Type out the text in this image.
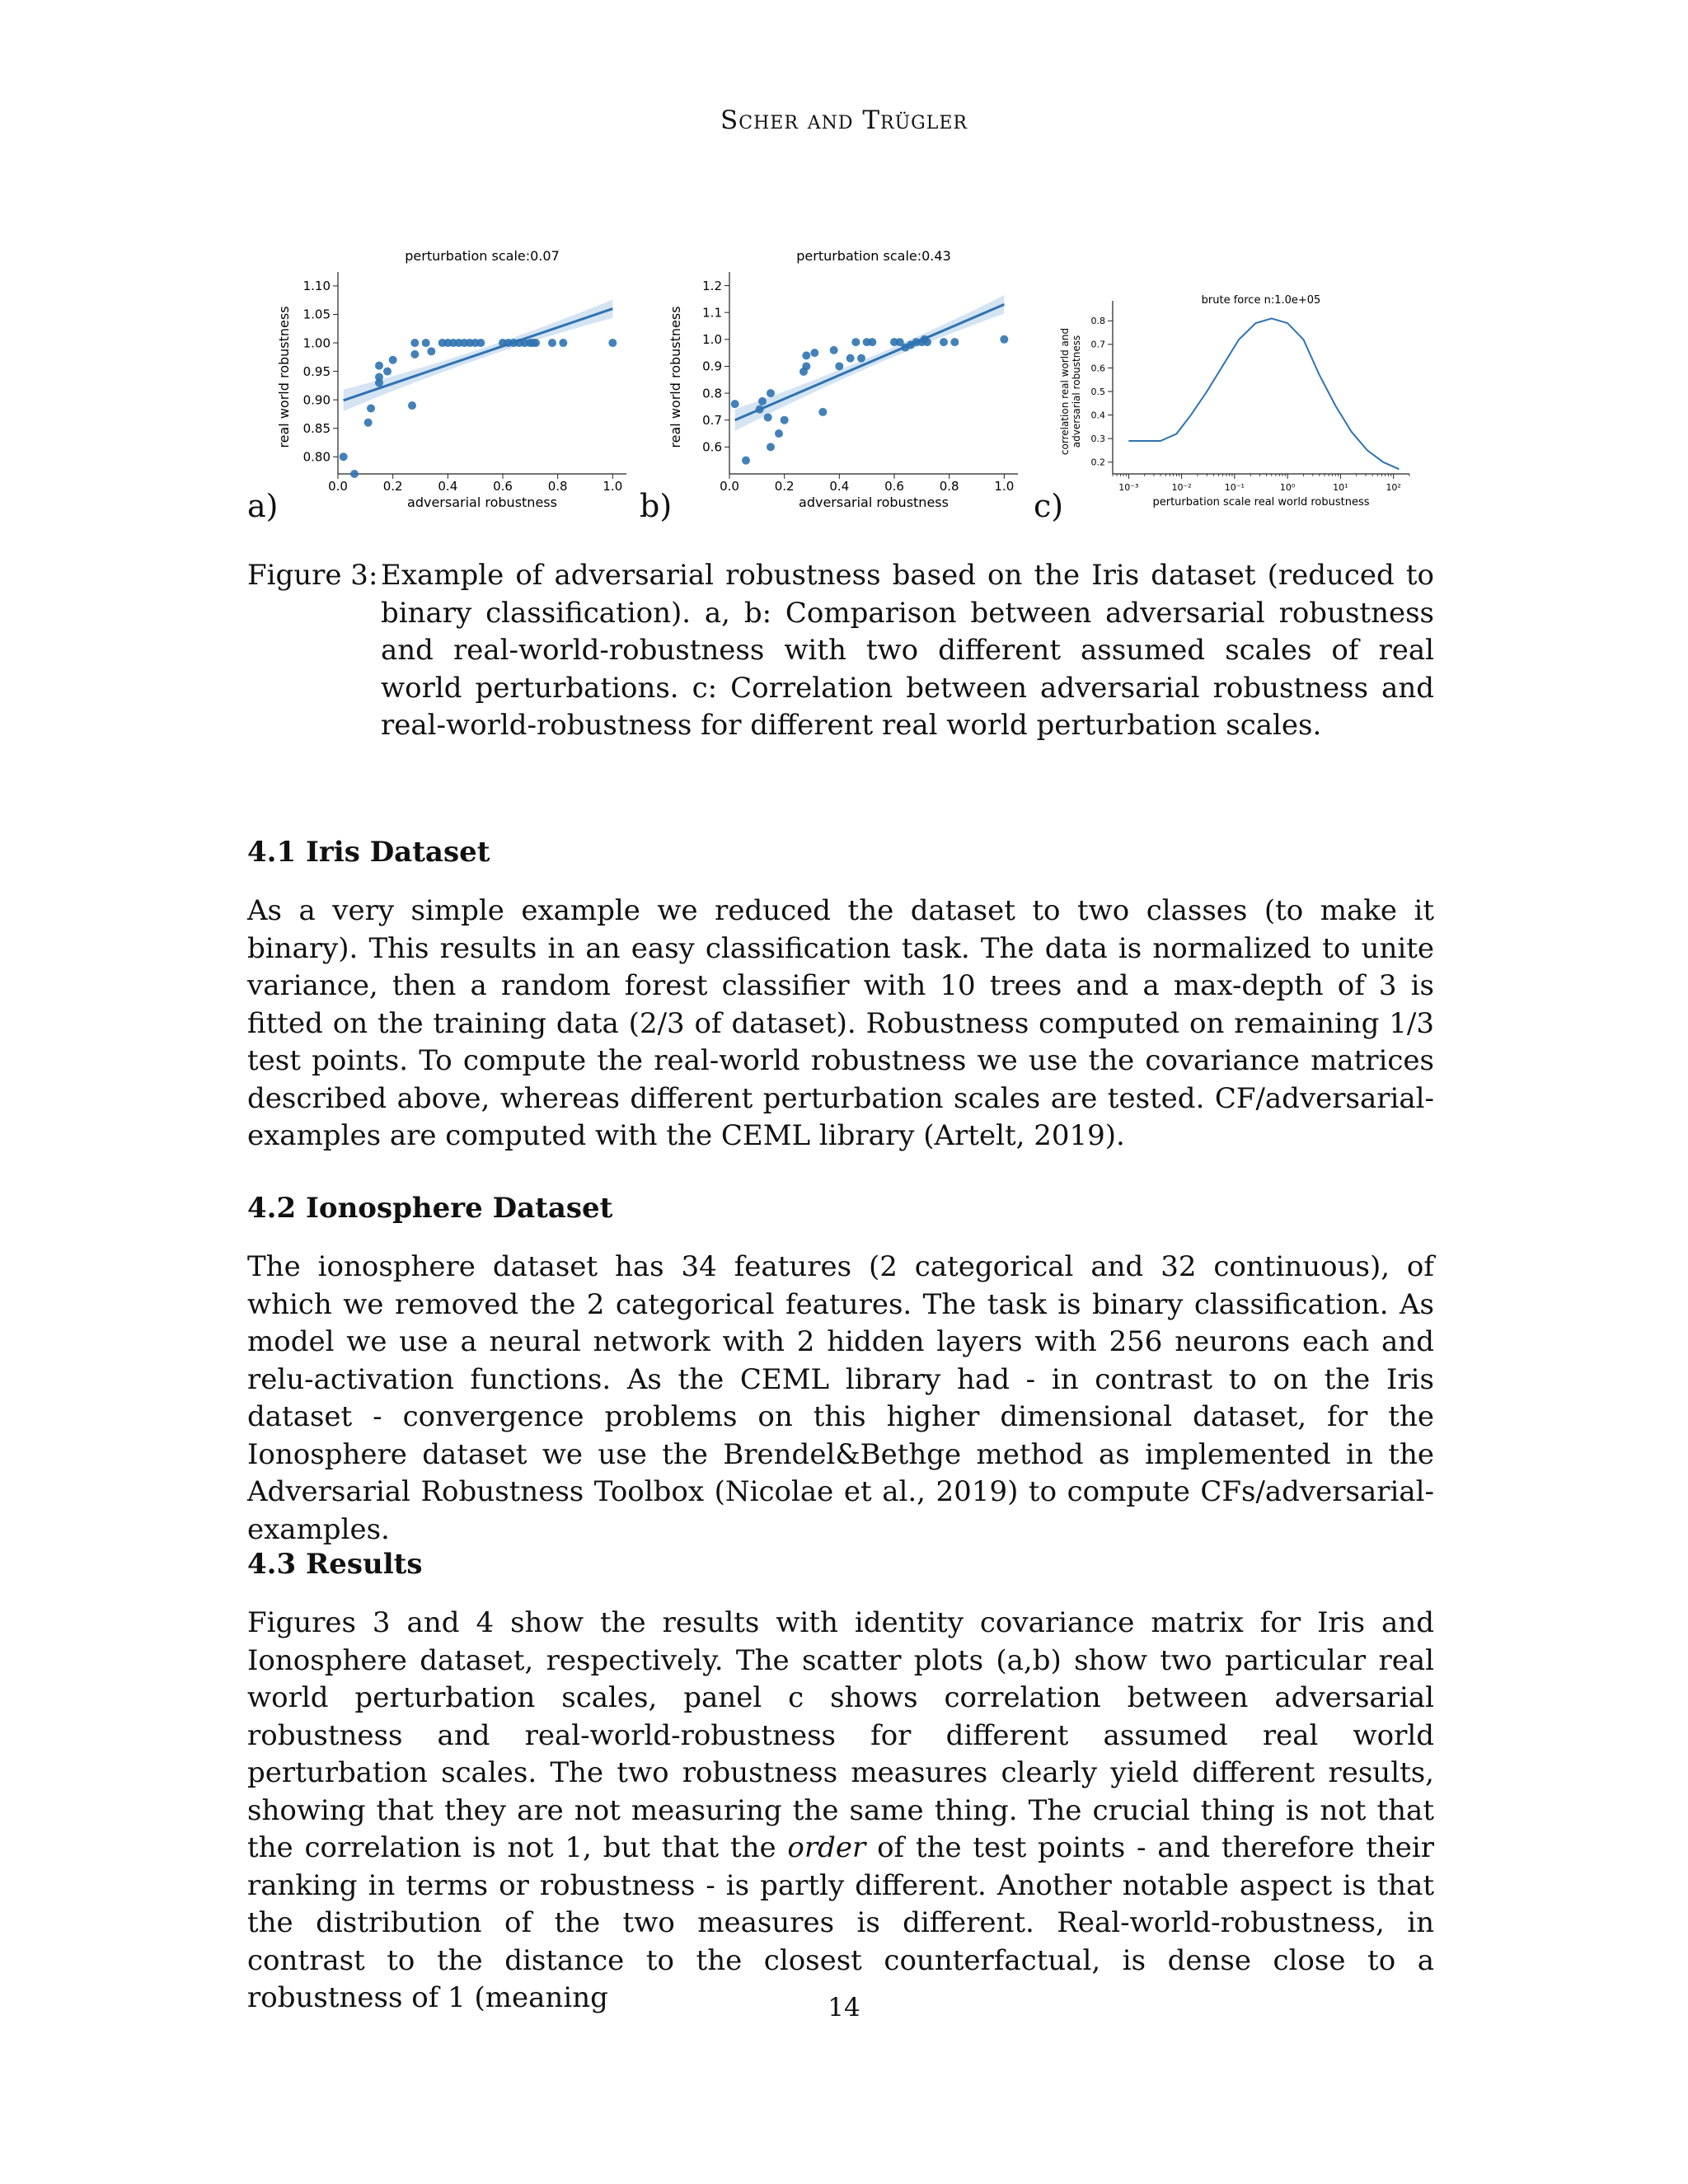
Scher and Trügler
perturbation scale:0.07
0.80
0.85
0.90
0.95
1.00
1.05
1.10
0.0	0.2	0.4	0.6	0.8	1.0
adversarial robustness
real world robustness
a)
perturbation scale:0.43
0.6
0.7
0.8
0.9
1.0
1.1
1.2
0.0	0.2	0.4	0.6	0.8	1.0
adversarial robustness
real world robustness
b)
brute force n:1.0e+05
0.2
0.3
0.4
0.5
0.6
0.7
0.8
10⁻³	10⁻²	10⁻¹	10⁰	10¹	10²
perturbation scale real world robustness
correlation real world and adversarial robustness
c)
Figure 3: Example of adversarial robustness based on the Iris dataset (reduced to binary classification). a, b: Comparison between adversarial robustness and real-world-robustness with two different assumed scales of real world perturbations. c: Correlation between adversarial robustness and real-world-robustness for different real world perturbation scales.
4.1 Iris Dataset
As a very simple example we reduced the dataset to two classes (to make it binary). This results in an easy classification task. The data is normalized to unite variance, then a random forest classifier with 10 trees and a max-depth of 3 is fitted on the training data (2/3 of dataset). Robustness computed on remaining 1/3 test points. To compute the real-world robustness we use the covariance matrices described above, whereas different perturbation scales are tested. CF/adversarial-examples are computed with the CEML library (Artelt, 2019).
4.2 Ionosphere Dataset
The ionosphere dataset has 34 features (2 categorical and 32 continuous), of which we removed the 2 categorical features. The task is binary classification. As model we use a neural network with 2 hidden layers with 256 neurons each and relu-activation functions. As the CEML library had - in contrast to on the Iris dataset - convergence problems on this higher dimensional dataset, for the Ionosphere dataset we use the Brendel&Bethge method as implemented in the Adversarial Robustness Toolbox (Nicolae et al., 2019) to compute CFs/adversarial-examples.
4.3 Results
Figures 3 and 4 show the results with identity covariance matrix for Iris and Ionosphere dataset, respectively. The scatter plots (a,b) show two particular real world perturbation scales, panel c shows correlation between adversarial robustness and real-world-robustness for different assumed real world perturbation scales. The two robustness measures clearly yield different results, showing that they are not measuring the same thing. The crucial thing is not that the correlation is not 1, but that the order of the test points - and therefore their ranking in terms or robustness - is partly different. Another notable aspect is that the distribution of the two measures is different. Real-world-robustness, in contrast to the distance to the closest counterfactual, is dense close to a robustness of 1 (meaning	14
